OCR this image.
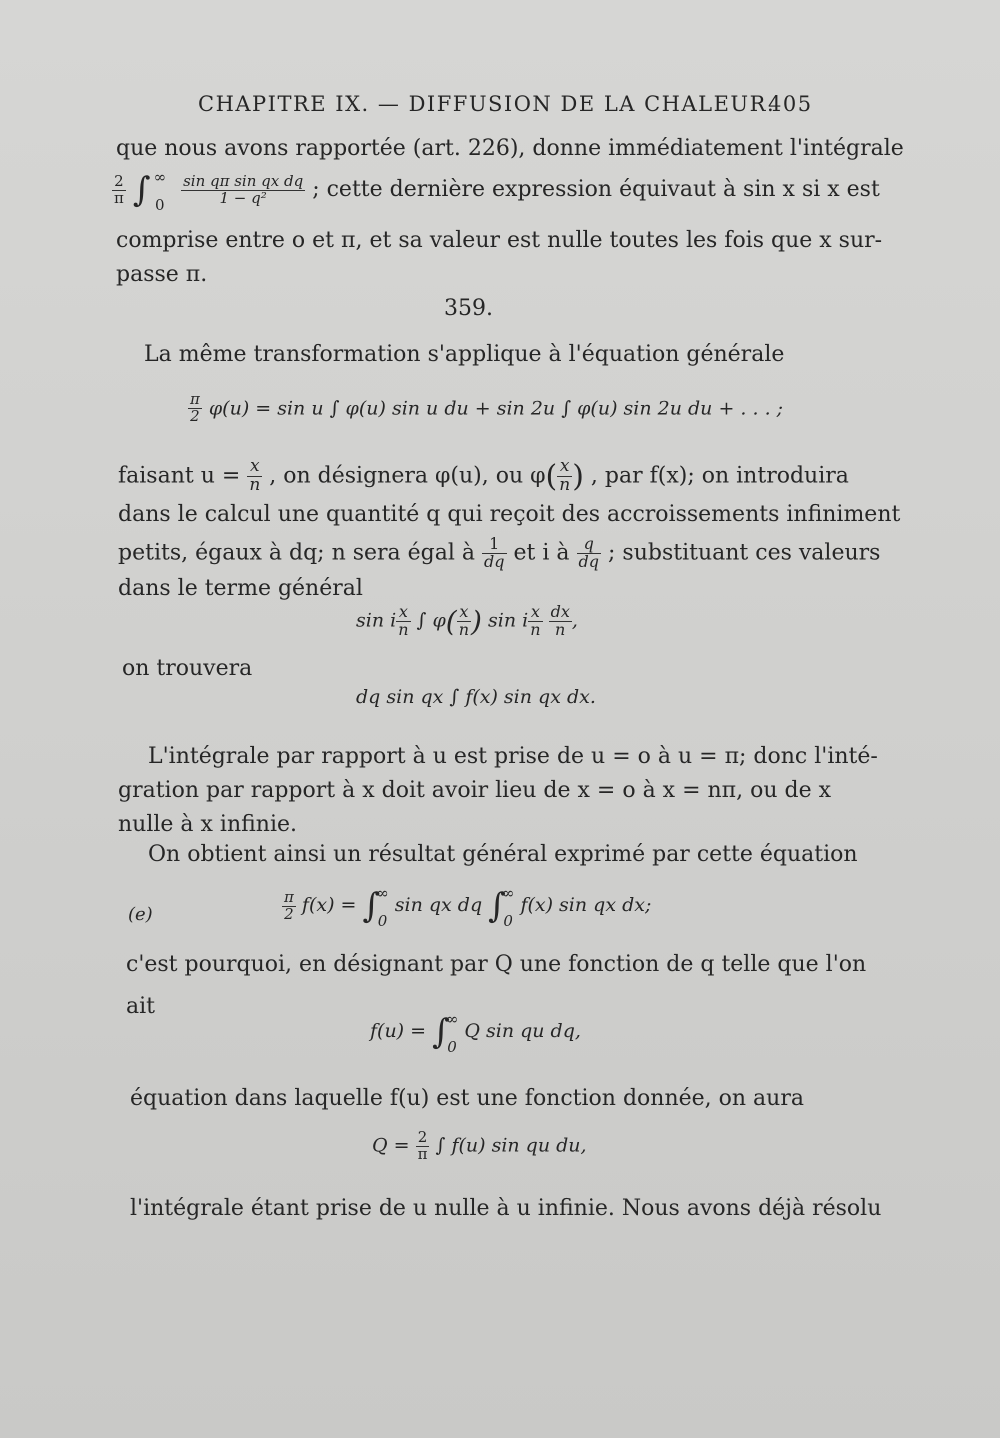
CHAPITRE IX. — DIFFUSION DE LA CHALEUR.
405
que nous avons rapportée (art. 226), donne immédiatement l'intégrale
$\frac{2}{\pi}$ ∫ ∞
0
$\frac{\text{sin qπ sin qx dq}}{\text{1 − q²}}$ ; cette dernière expression équivaut à sin x si x est
comprise entre o et π, et sa valeur est nulle toutes les fois que x sur-
passe π.
359.
La même transformation s'applique à l'équation générale
$\frac{\pi}{2} \varphi(u) = \sin u$ ∫ φ(u) sin u du + sin 2u ∫ φ(u) sin 2u du + . . . ;
faisant $u = \frac{x}{n}$ , on désignera φ(u), ou $\varphi( \frac{x}{n}$ ) , par f(x); on introduira
dans le calcul une quantité q qui reçoit des accroissements infiniment
petits, égaux à dq; n sera égal à $\frac{1}{dq}$ et i à $\frac{q}{dq}$ ; substituant ces valeurs
dans le terme général
sin i $\frac{x}{n}$ ∫ $\varphi( \frac{x}{n}$ ) sin i $\frac{x}{n}$
$\frac{dx}{n}$ ,
on trouvera
dq sin qx ∫ f(x) sin qx dx.
L'intégrale par rapport à u est prise de u = o à u = π; donc l'inté-
gration par rapport à x doit avoir lieu de x = o à x = nπ, ou de x
nulle à x infinie.
On obtient ainsi un résultat général exprimé par cette équation
(e)	$\frac{\pi}{2} f(x)$ = ∫
∞
0
sin qx dq ∫
∞
0
f(x) sin qx dx;
c'est pourquoi, en désignant par Q une fonction de q telle que l'on
ait
f(u) = ∫
∞
0
Q sin qu dq,
équation dans laquelle f(u) est une fonction donnée, on aura
$Q = \frac{2}{\pi}$ ∫ f(u) sin qu du,
l'intégrale étant prise de u nulle à u infinie. Nous avons déjà résolu
